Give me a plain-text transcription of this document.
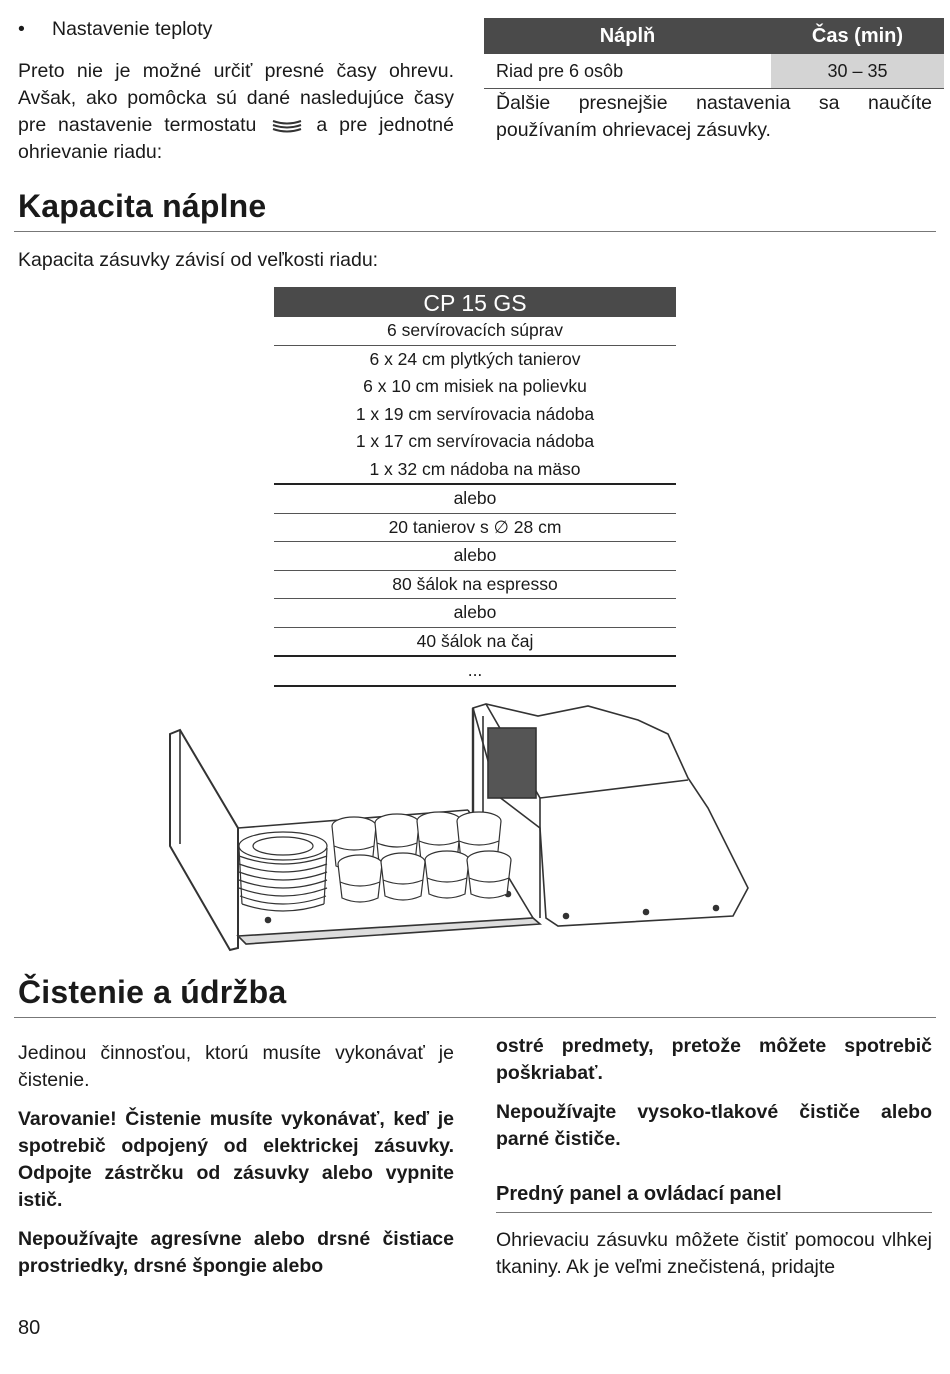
• Nastavenie teploty

Preto nie je možné určiť presné časy ohrevu. Avšak, ako pomôcka sú dané nasledujúce časy pre nastavenie termostatu	a pre jednotné ohrievanie riadu:

Náplň	Čas (min)
Riad pre 6 osôb	30 – 35

Ďalšie presnejšie nastavenia sa naučíte používaním ohrievacej zásuvky.

Kapacita náplne
Kapacita zásuvky závisí od veľkosti riadu:
CP 15 GS
6 servírovacích súprav
6 x 24 cm plytkých tanierov
6 x 10 cm misiek na polievku
1 x 19 cm servírovacia nádoba
1 x 17 cm servírovacia nádoba
1 x 32 cm nádoba na mäso
alebo
20 tanierov s ∅ 28 cm
alebo
80 šálok na espresso
alebo
40 šálok na čaj
...
Čistenie a údržba

Jedinou činnosťou, ktorú musíte vykonávať je čistenie.

Varovanie! Čistenie musíte vykonávať, keď je spotrebič odpojený od elektrickej zásuvky. Odpojte zástrčku od zásuvky alebo vypnite istič.

Nepoužívajte agresívne alebo drsné čistiace prostriedky, drsné špongie alebo

ostré predmety, pretože môžete spotrebič poškriabať.

Nepoužívajte vysoko-tlakové čističe alebo parné čističe.

Predný panel a ovládací panel

Ohrievaciu zásuvku môžete čistiť pomocou vlhkej tkaniny. Ak je veľmi znečistená, pridajte

80
